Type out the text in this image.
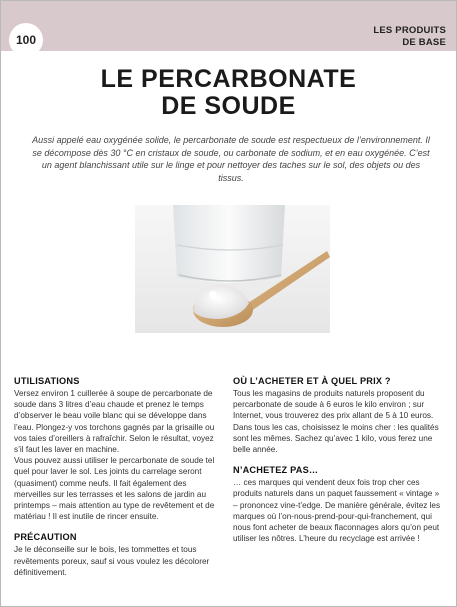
100
LES PRODUITS
DE BASE
LE PERCARBONATE
DE SOUDE

Aussi appelé eau oxygénée solide, le percarbonate de soude est respectueux de l’environnement. Il se décompose dès 30 °C en cristaux de soude, ou carbonate de sodium, et en eau oxygénée. C’est un agent blanchissant utile sur le linge et pour nettoyer des taches sur le sol, des objets ou des tissus.

UTILISATIONS

Versez environ 1 cuillerée à soupe de percarbonate de soude dans 3 litres d’eau chaude et prenez le temps d’observer le beau voile blanc qui se développe dans l’eau. Plongez-y vos torchons gagnés par la grisaille ou vos taies d’oreillers à rafraîchir. Selon le résultat, voyez s’il faut les laver en machine.

Vous pouvez aussi utiliser le percarbonate de soude tel quel pour laver le sol. Les joints du carrelage seront (quasiment) comme neufs. Il fait également des merveilles sur les terrasses et les salons de jardin au printemps – mais attention au type de revêtement et de matériau ! Il est inutile de rincer ensuite.

PRÉCAUTION

Je le déconseille sur le bois, les tommettes et tous revêtements poreux, sauf si vous voulez les décolorer définitivement.

OÙ L’ACHETER ET À QUEL PRIX ?

Tous les magasins de produits naturels proposent du percarbonate de soude à 6 euros le kilo environ ; sur Internet, vous trouverez des prix allant de 5 à 10 euros. Dans tous les cas, choisissez le moins cher : les qualités sont les mêmes. Sachez qu’avec 1 kilo, vous ferez une belle année.

N’ACHETEZ PAS…

… ces marques qui vendent deux fois trop cher ces produits naturels dans un paquet faussement « vintage » – prononcez vine-t’edge. De manière générale, évitez les marques où l’on-nous-prend-pour-qui-franchement, qui nous font acheter de beaux flaconnages alors qu’on peut utiliser les nôtres. L’heure du recyclage est arrivée !
